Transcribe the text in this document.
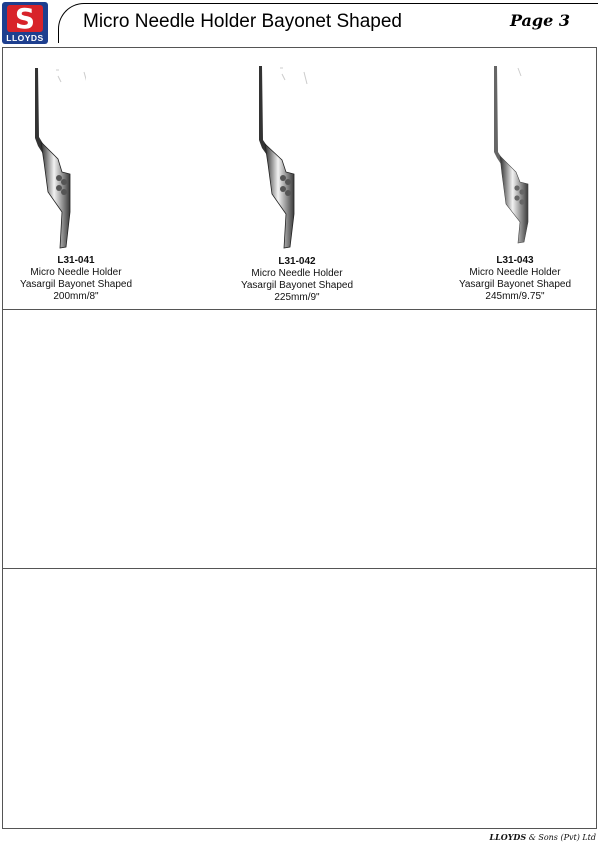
S
LLOYDS
Micro Needle Holder Bayonet Shaped	Page 3
L31-041
Micro Needle Holder
Yasargil Bayonet Shaped
200mm/8"
L31-042
Micro Needle Holder
Yasargil Bayonet Shaped
225mm/9"
L31-043
Micro Needle Holder
Yasargil Bayonet Shaped
245mm/9.75"
LLOYDS & Sons (Pvt) Ltd
